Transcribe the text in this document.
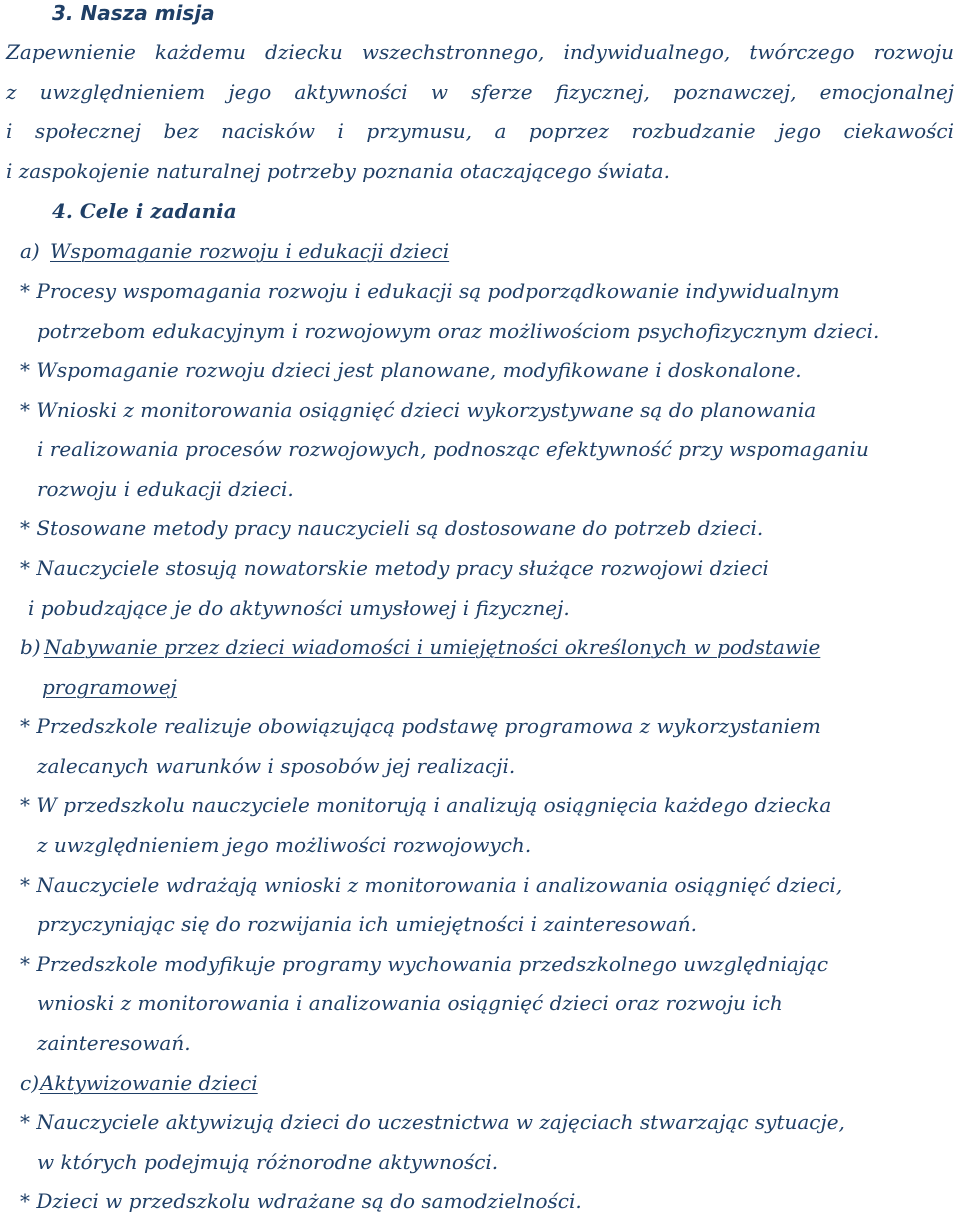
3. Nasza misja
Zapewnienie każdemu dziecku wszechstronnego, indywidualnego, twórczego rozwoju
z uwzględnieniem jego aktywności w sferze fizycznej, poznawczej, emocjonalnej
i społecznej bez nacisków i przymusu, a poprzez rozbudzanie jego ciekawości
i zaspokojenie naturalnej potrzeby poznania otaczającego świata.
4. Cele i zadania
a) Wspomaganie rozwoju i edukacji dzieci
* Procesy wspomagania rozwoju i edukacji są podporządkowanie indywidualnym
potrzebom edukacyjnym i rozwojowym oraz możliwościom psychofizycznym dzieci.
* Wspomaganie rozwoju dzieci jest planowane, modyfikowane i doskonalone.
* Wnioski z monitorowania osiągnięć dzieci wykorzystywane są do planowania
i realizowania procesów rozwojowych, podnosząc efektywność przy wspomaganiu
rozwoju i edukacji dzieci.
* Stosowane metody pracy nauczycieli są dostosowane do potrzeb dzieci.
* Nauczyciele stosują nowatorskie metody pracy służące rozwojowi dzieci
i pobudzające je do aktywności umysłowej i fizycznej.
b) Nabywanie przez dzieci wiadomości i umiejętności określonych w podstawie
programowej
* Przedszkole realizuje obowiązującą podstawę programowa z wykorzystaniem
zalecanych warunków i sposobów jej realizacji.
* W przedszkolu nauczyciele monitorują i analizują osiągnięcia każdego dziecka
z uwzględnieniem jego możliwości rozwojowych.
* Nauczyciele wdrażają wnioski z monitorowania i analizowania osiągnięć dzieci,
przyczyniając się do rozwijania ich umiejętności i zainteresowań.
* Przedszkole modyfikuje programy wychowania przedszkolnego uwzględniając
wnioski z monitorowania i analizowania osiągnięć dzieci oraz rozwoju ich
zainteresowań.
c) Aktywizowanie dzieci
* Nauczyciele aktywizują dzieci do uczestnictwa w zajęciach stwarzając sytuacje,
w których podejmują różnorodne aktywności.
* Dzieci w przedszkolu wdrażane są do samodzielności.
